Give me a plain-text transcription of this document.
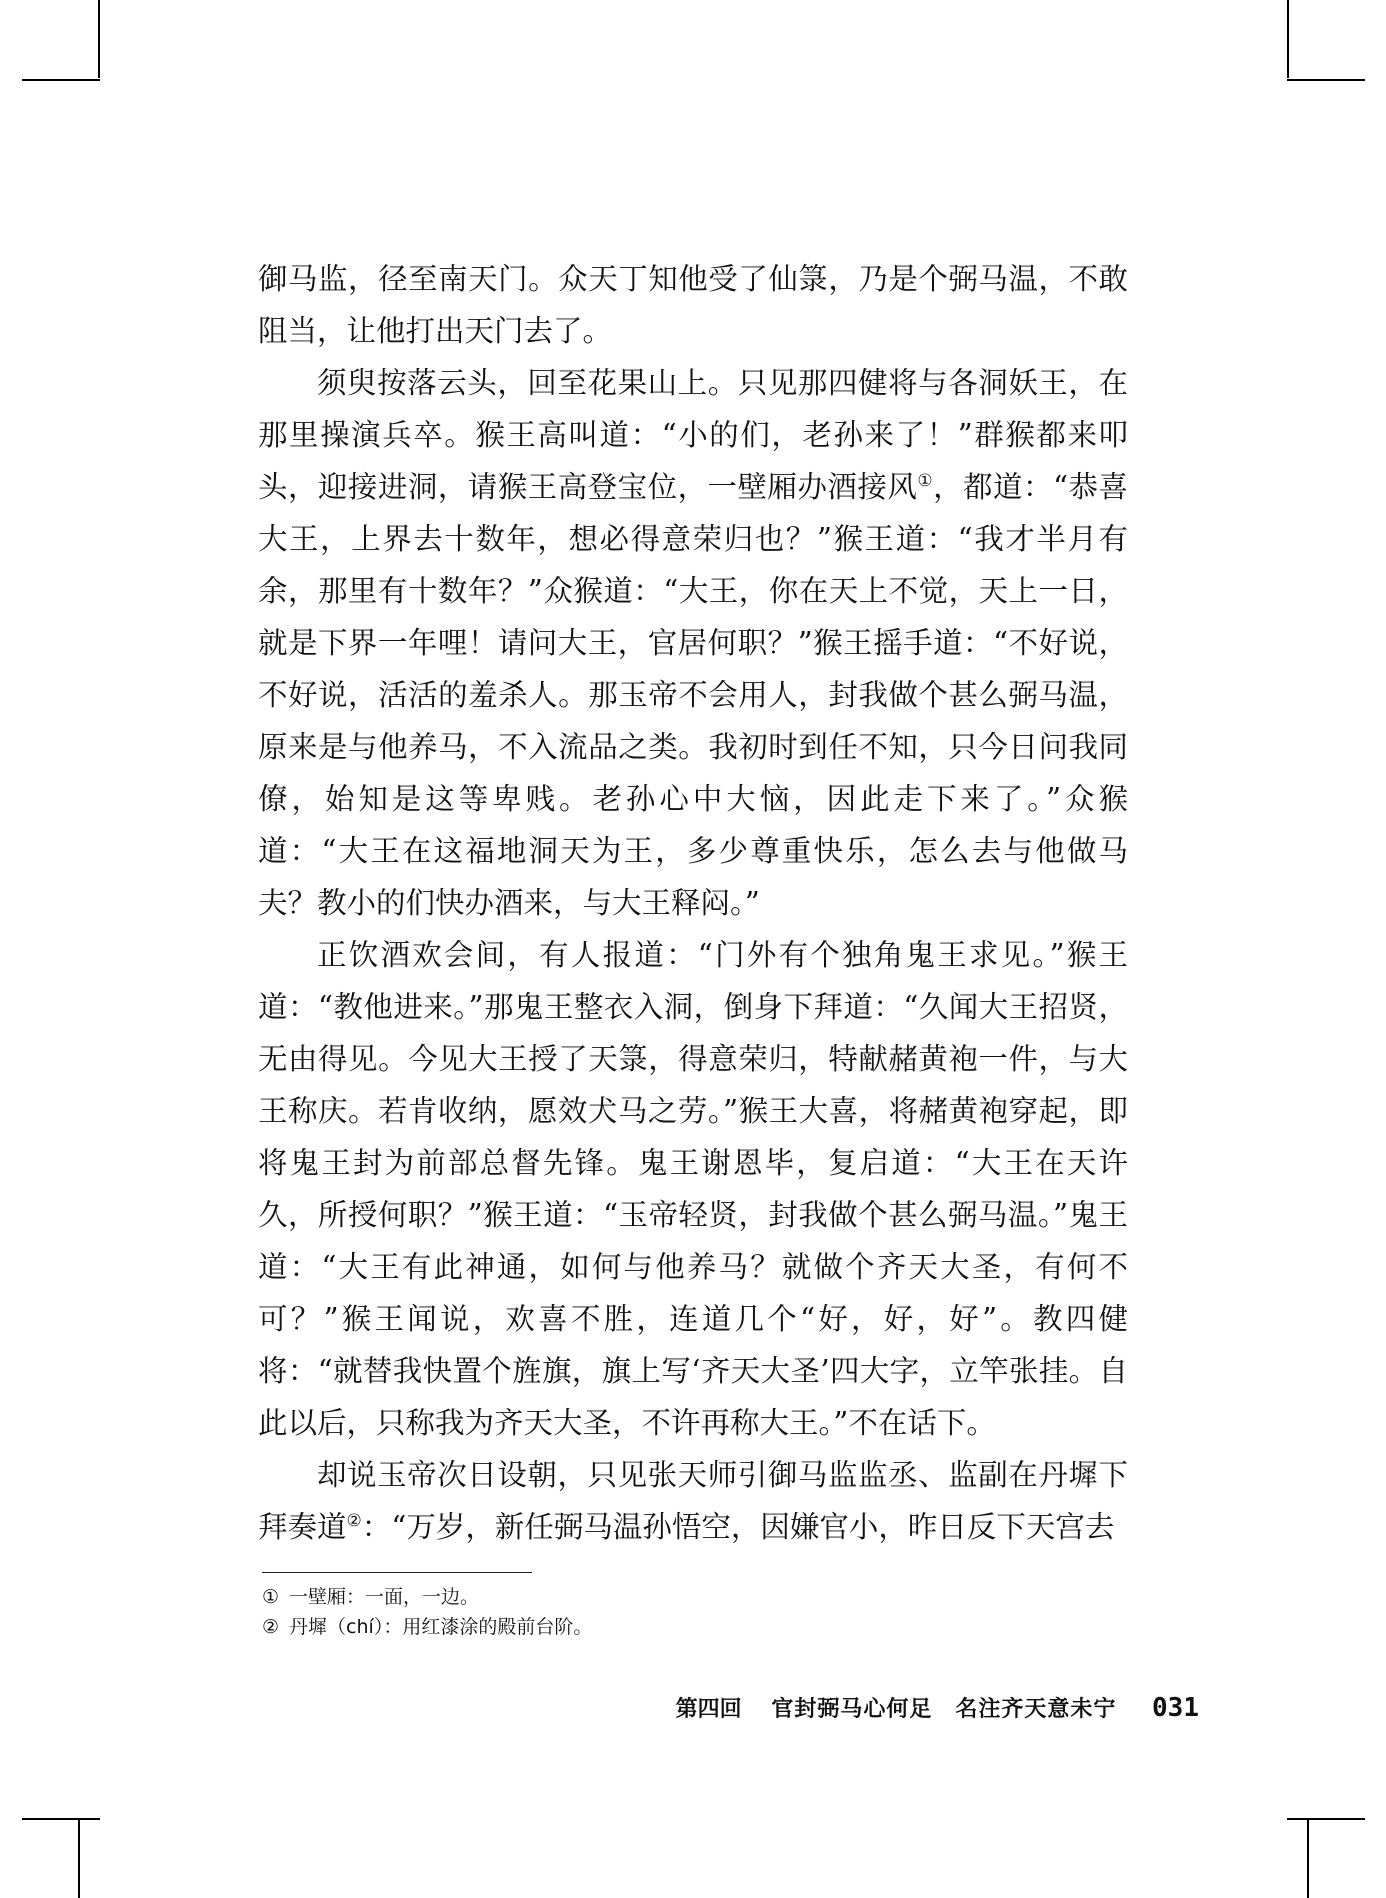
御马监，径至南天门。众天丁知他受了仙箓，乃是个弼马温，不敢阻当，让他打出天门去了。

须臾按落云头，回至花果山上。只见那四健将与各洞妖王，在那里操演兵卒。猴王高叫道：“小的们，老孙来了！”群猴都来叩头，迎接进洞，请猴王高登宝位，一壁厢办酒接风①，都道：“恭喜大王，上界去十数年，想必得意荣归也？”猴王道：“我才半月有余，那里有十数年？”众猴道：“大王，你在天上不觉，天上一日，就是下界一年哩！请问大王，官居何职？”猴王摇手道：“不好说，不好说，活活的羞杀人。那玉帝不会用人，封我做个甚么弼马温，原来是与他养马，不入流品之类。我初时到任不知，只今日问我同僚，始知是这等卑贱。老孙心中大恼，因此走下来了。”众猴道：“大王在这福地洞天为王，多少尊重快乐，怎么去与他做马夫？教小的们快办酒来，与大王释闷。”

正饮酒欢会间，有人报道：“门外有个独角鬼王求见。”猴王道：“教他进来。”那鬼王整衣入洞，倒身下拜道：“久闻大王招贤，无由得见。今见大王授了天箓，得意荣归，特献赭黄袍一件，与大王称庆。若肯收纳，愿效犬马之劳。”猴王大喜，将赭黄袍穿起，即将鬼王封为前部总督先锋。鬼王谢恩毕，复启道：“大王在天许久，所授何职？”猴王道：“玉帝轻贤，封我做个甚么弼马温。”鬼王道：“大王有此神通，如何与他养马？就做个齐天大圣，有何不可？”猴王闻说，欢喜不胜，连道几个“好，好，好”。教四健将：“就替我快置个旌旗，旗上写‘齐天大圣’四大字，立竿张挂。自此以后，只称我为齐天大圣，不许再称大王。”不在话下。

却说玉帝次日设朝，只见张天师引御马监监丞、监副在丹墀下拜奏道②：“万岁，新任弼马温孙悟空，因嫌官小，昨日反下天宫去

① 一壁厢：一面，一边。

② 丹墀（chí）：用红漆涂的殿前台阶。

第四回 官封弼马心何足　名注齐天意未宁 031
